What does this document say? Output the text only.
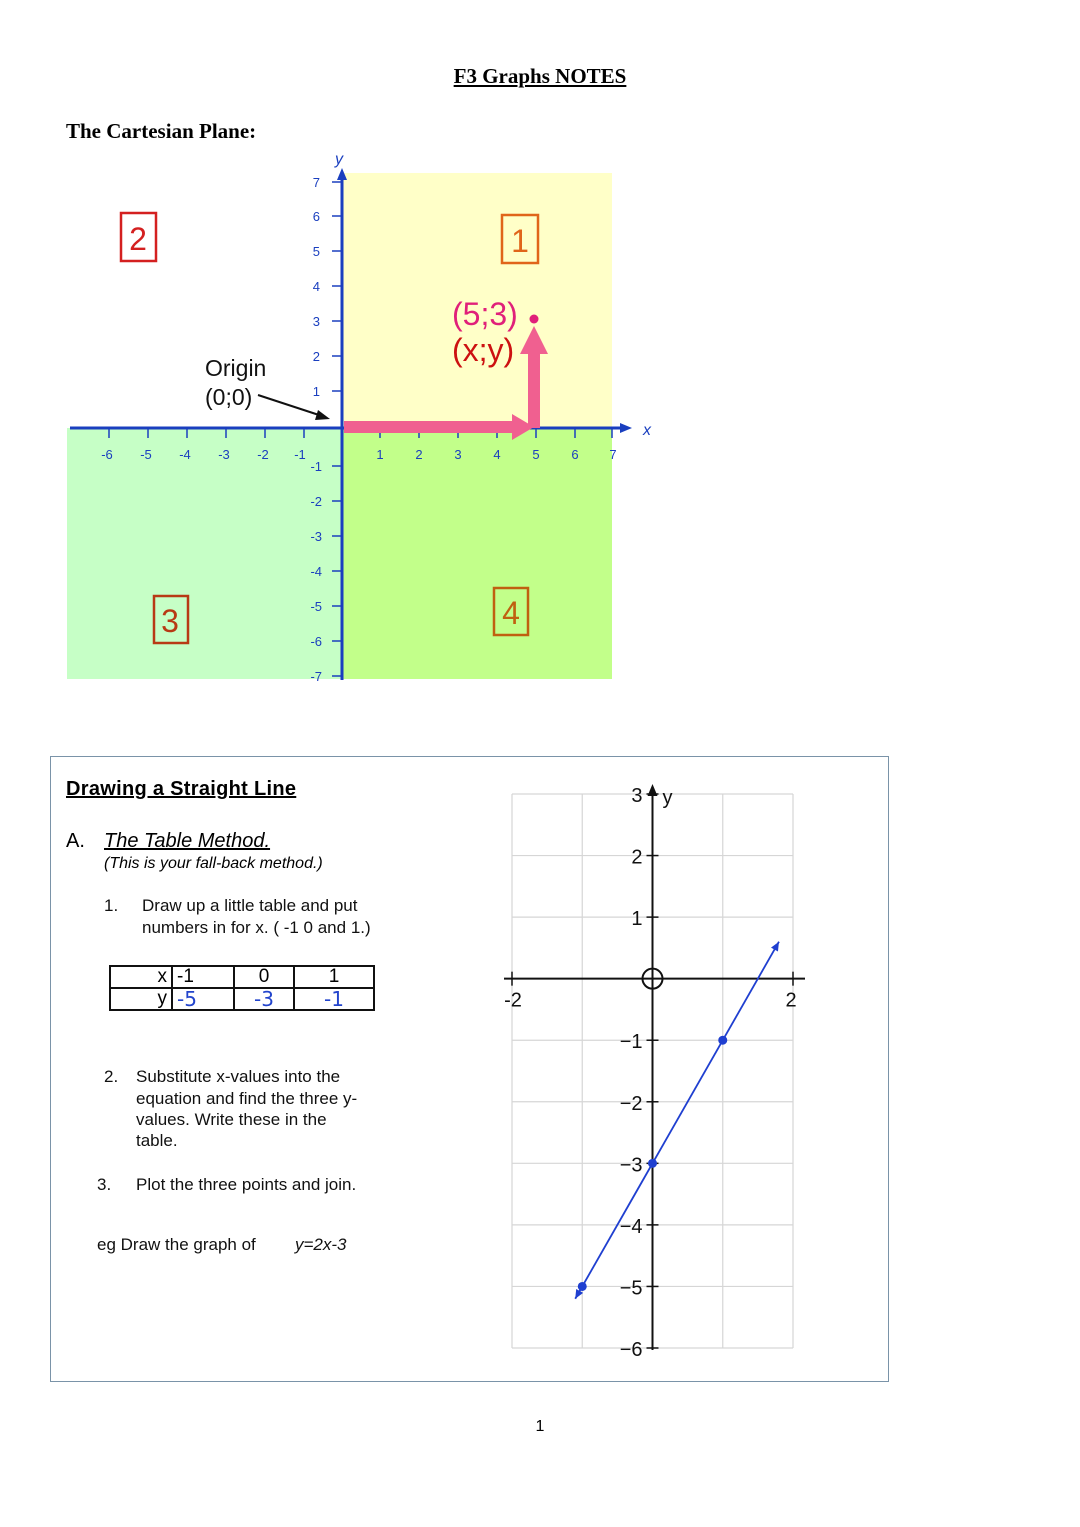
F3 Graphs NOTES
The Cartesian Plane:
x
y
-6 -5 -4 -3 -2 -1	1 2 3 4 5 6 7
7
6
5
4
3
2
1
-1
-2
-3
-4
-5
-6
-7
1
2
3	4
Origin
(0;0)
(5;3)
(x;y)
Drawing a Straight Line
A. The Table Method.
(This is your fall-back method.)
1. Draw up a little table and put
numbers in for x. ( -1 0 and 1.)
x	-1	0	1
y	-5	-3	-1
2. Substitute x-values into the
equation and find the three y-
values. Write these in the
table.
3. Plot the three points and join.
eg Draw the graph of y=2x-3
3
2
1
−1
−2
−3
−4
−5
−6
-2	2
y
1
